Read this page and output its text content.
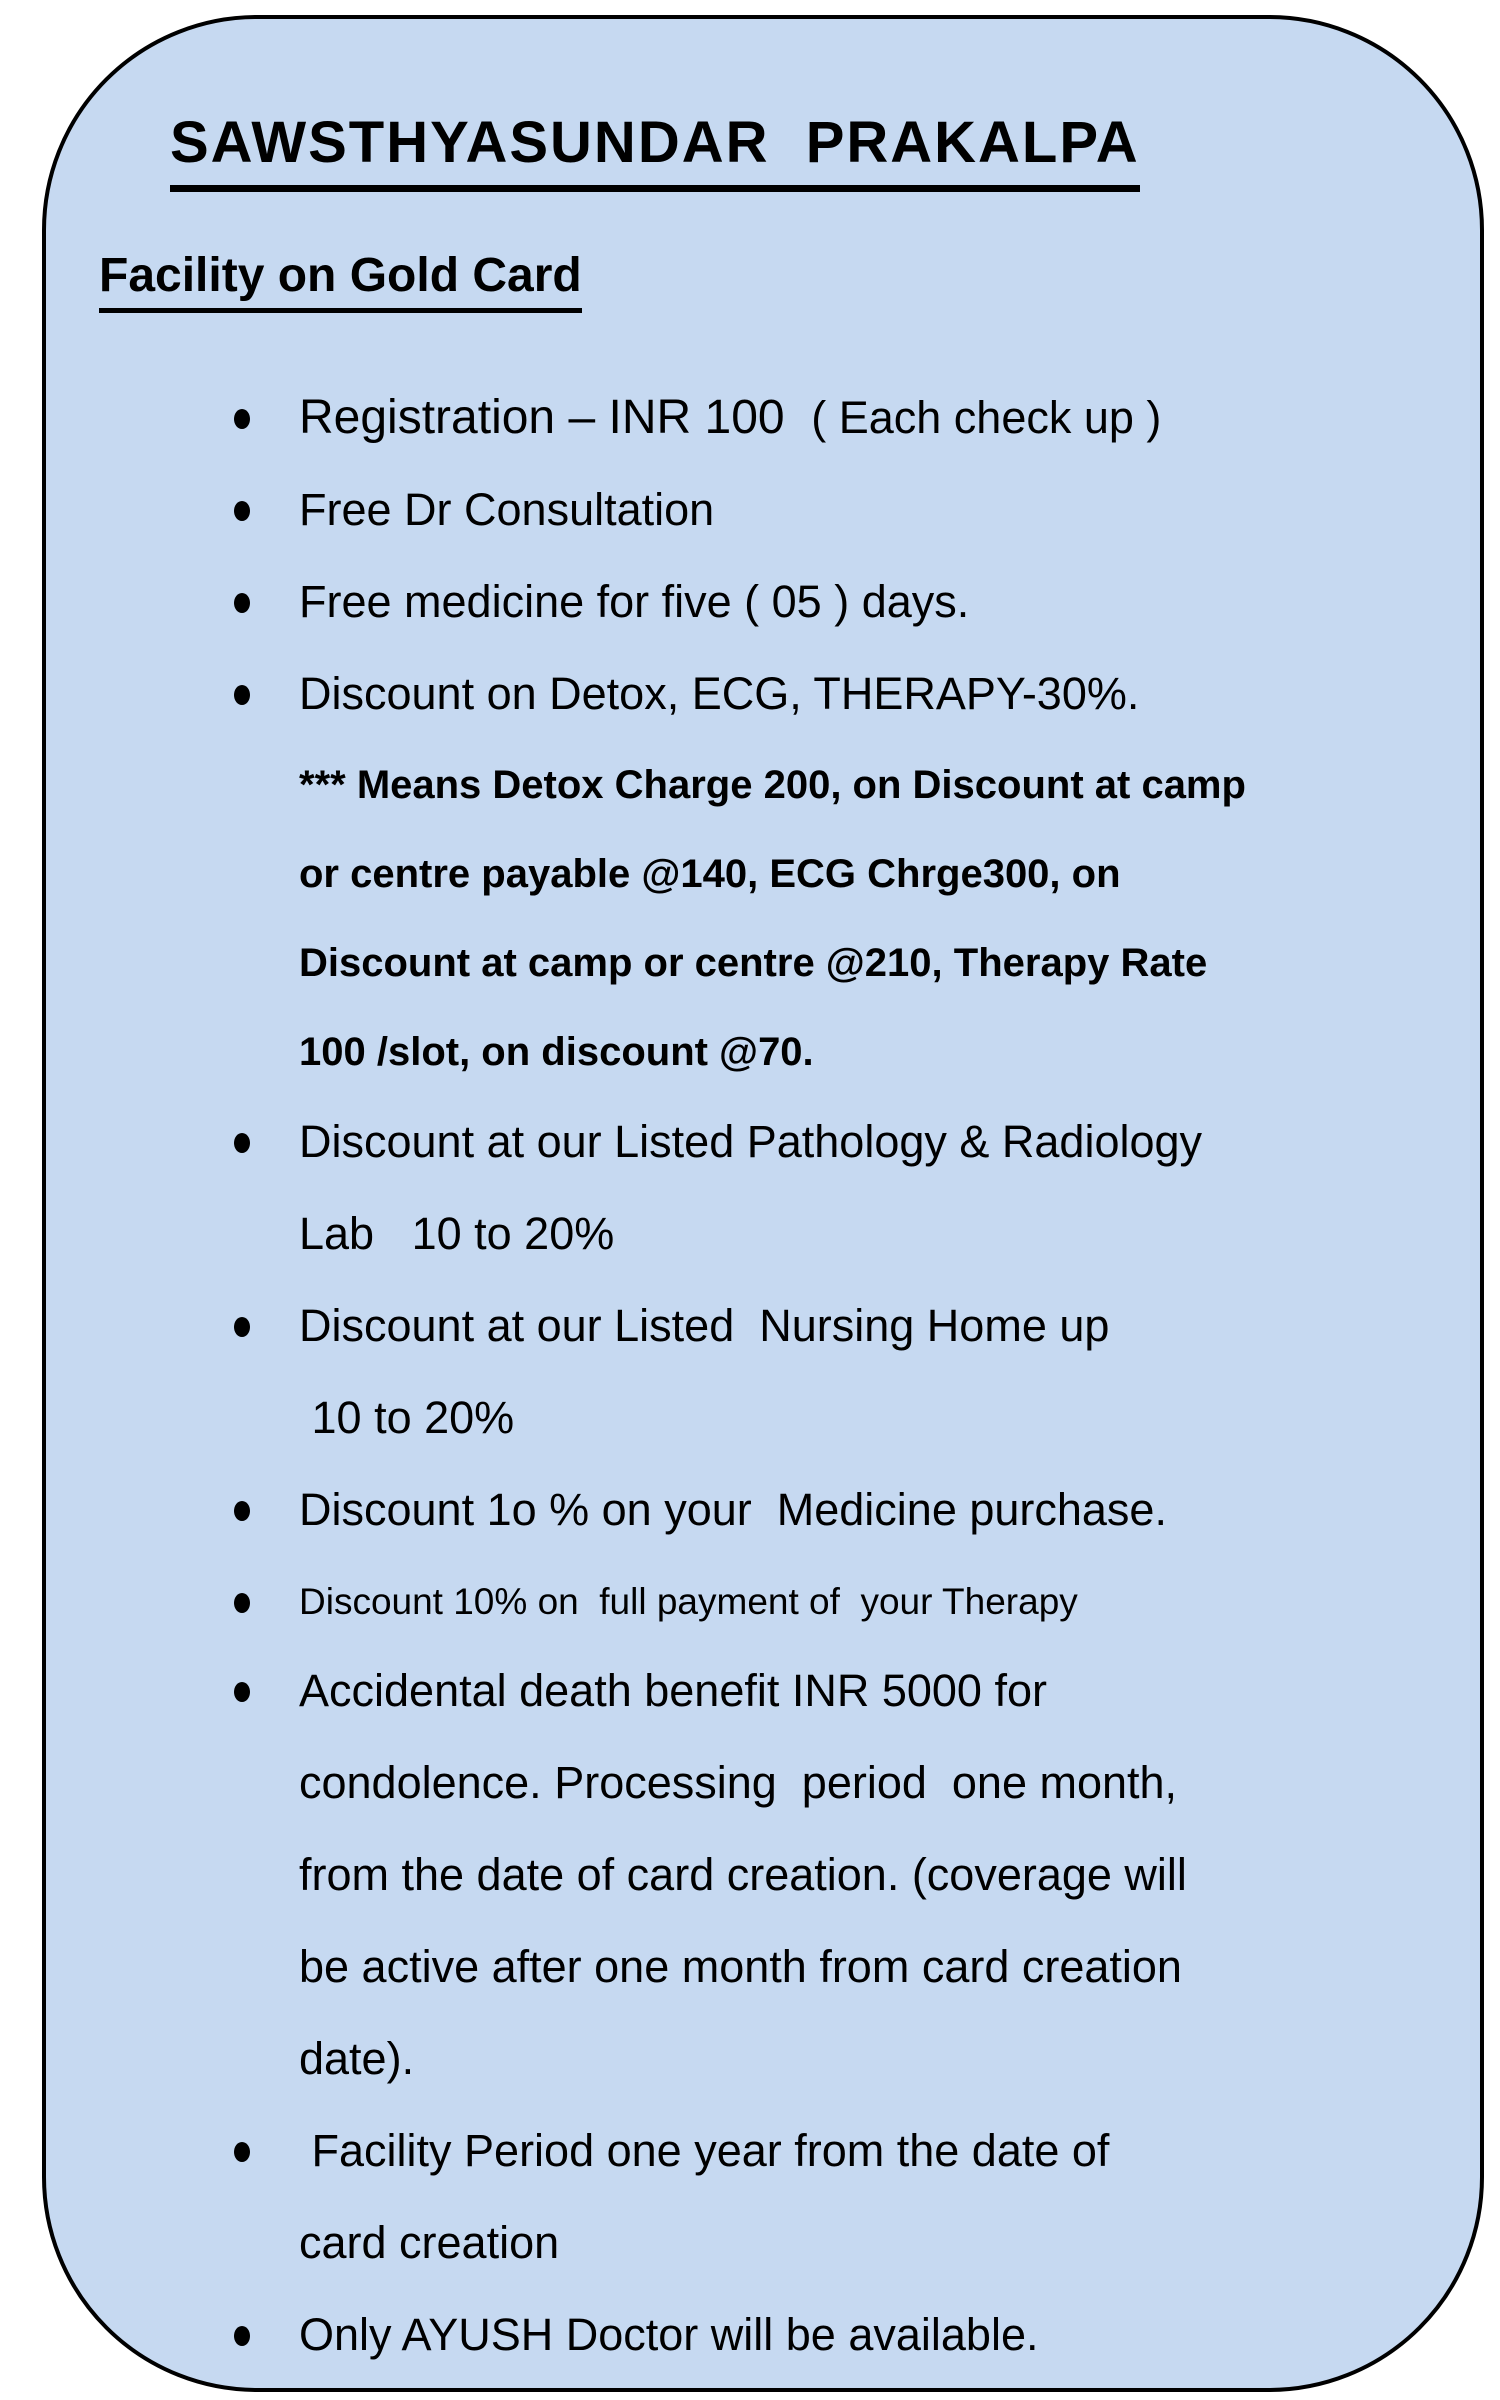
SAWSTHYASUNDAR  PRAKALPA
Facility on Gold Card
Registration – INR 100  ( Each check up )
Free Dr Consultation
Free medicine for five ( 05 ) days.
Discount on Detox, ECG, THERAPY-30%.
*** Means Detox Charge 200, on Discount at camp
or centre payable @140, ECG Chrge300, on
Discount at camp or centre @210, Therapy Rate
100 /slot, on discount @70.
Discount at our Listed Pathology & Radiology
Lab   10 to 20%
Discount at our Listed  Nursing Home up
10 to 20%
Discount 1o % on your  Medicine purchase.
Discount 10% on  full payment of  your Therapy
Accidental death benefit INR 5000 for
condolence. Processing  period  one month,
from the date of card creation. (coverage will
be active after one month from card creation
date).
Facility Period one year from the date of
card creation
Only AYUSH Doctor will be available.
